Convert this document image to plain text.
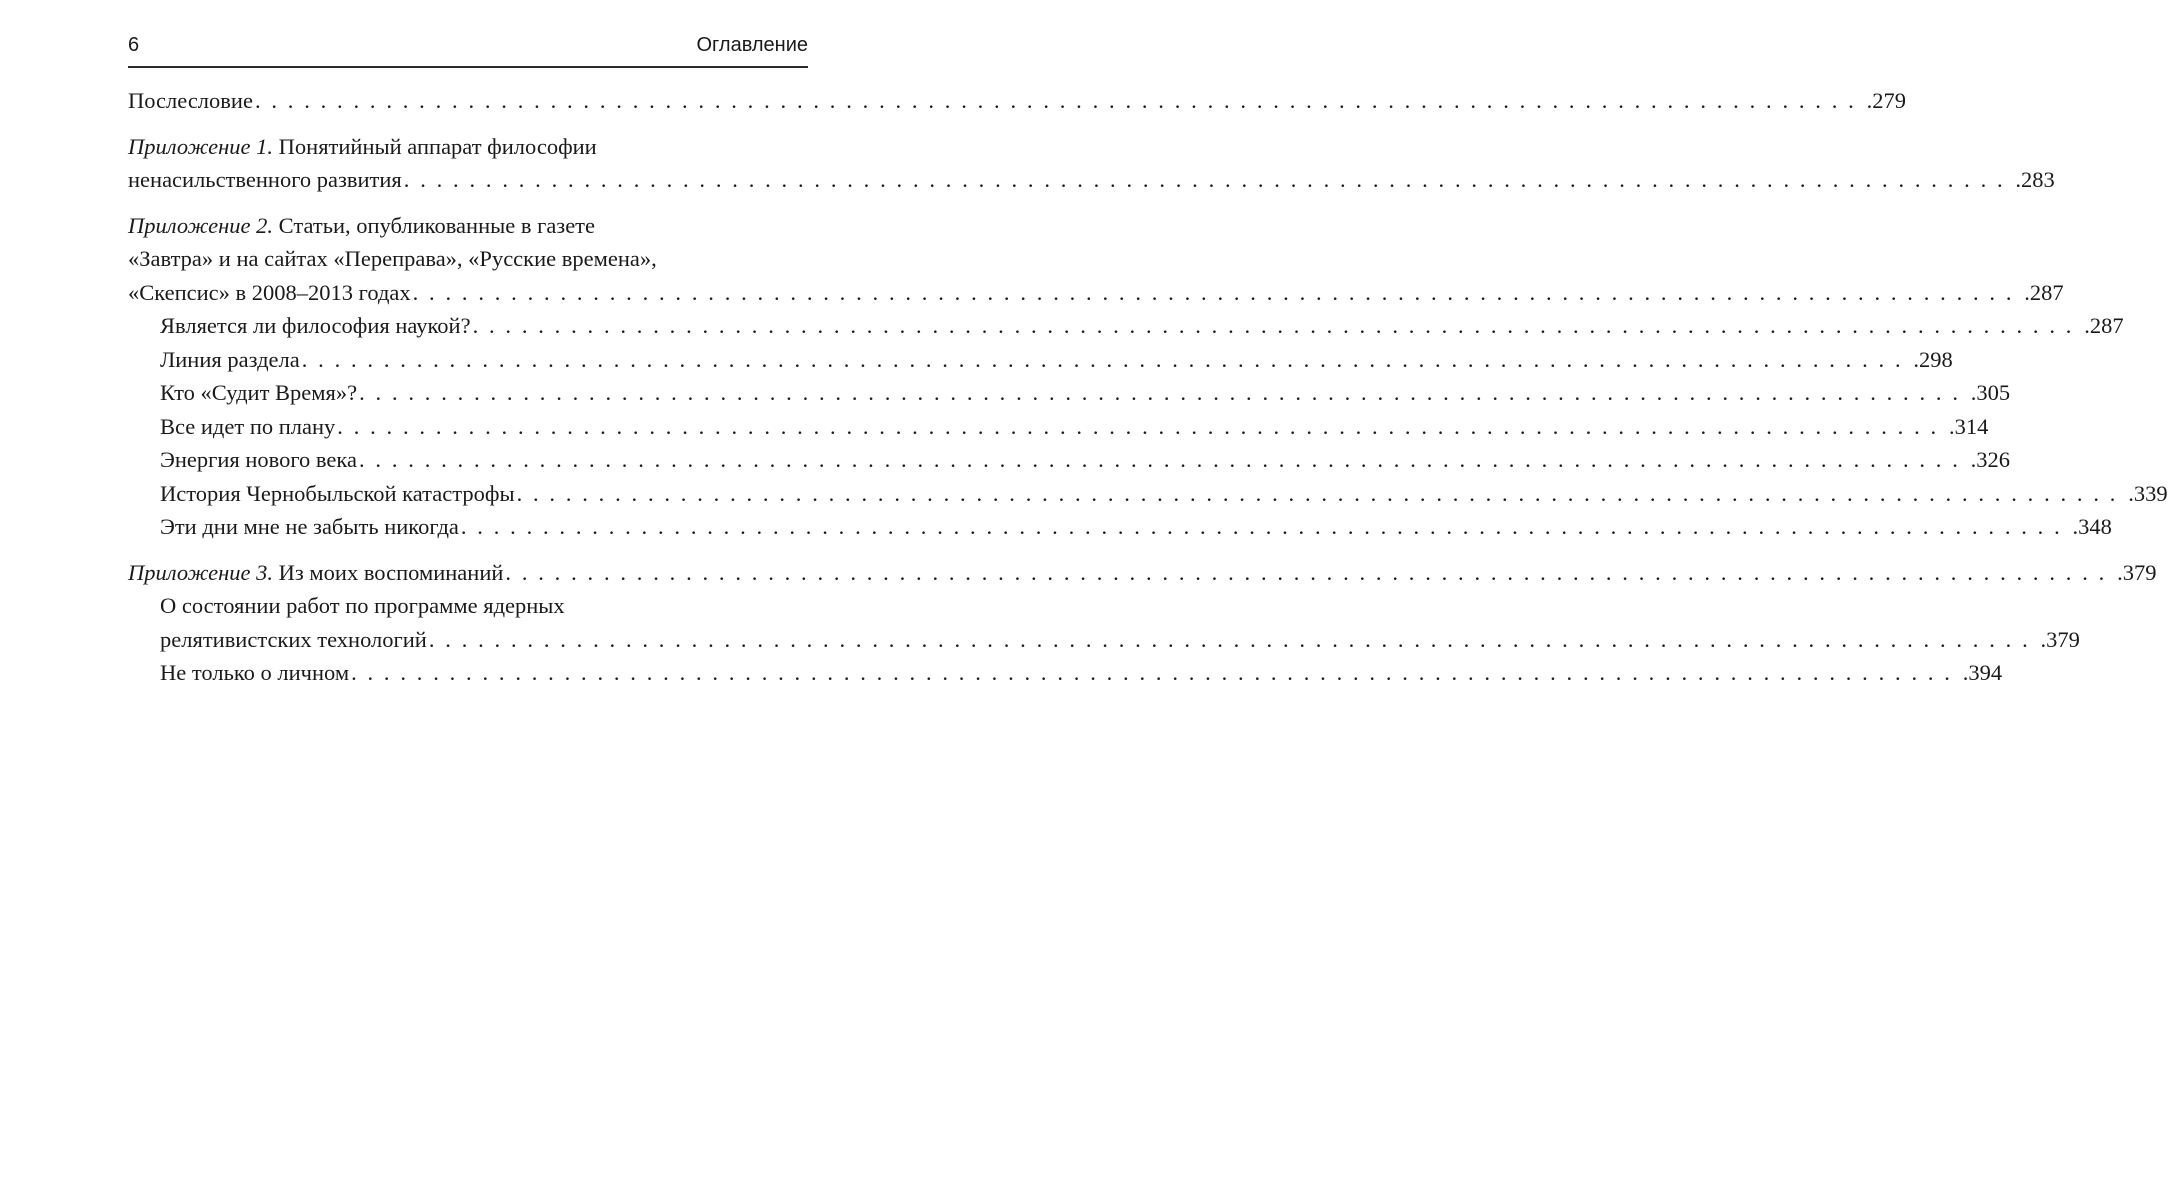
6	Оглавление
Послесловие .................................................................................................. .279
Приложение 1. Понятийный аппарат философии
ненасильственного развития .................................................................................................. .283
Приложение 2. Статьи, опубликованные в газете
«Завтра» и на сайтах «Переправа», «Русские времена»,
«Скепсис» в 2008–2013 годах .................................................................................................. .287
Является ли философия наукой? .................................................................................................. .287
Линия раздела .................................................................................................. .298
Кто «Судит Время»? .................................................................................................. .305
Все идет по плану .................................................................................................. .314
Энергия нового века .................................................................................................. .326
История Чернобыльской катастрофы .................................................................................................. .339
Эти дни мне не забыть никогда .................................................................................................. .348
Приложение 3. Из моих воспоминаний .................................................................................................. .379
О состоянии работ по программе ядерных
релятивистских технологий .................................................................................................. .379
Не только о личном .................................................................................................. .394
